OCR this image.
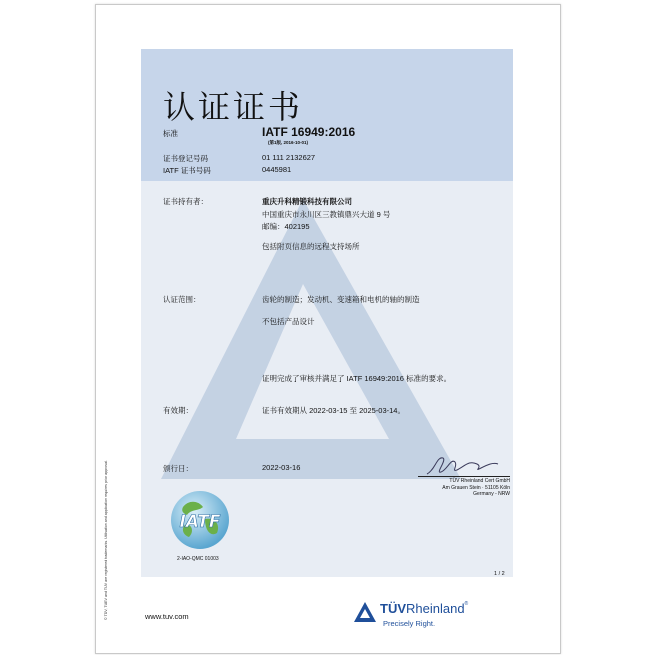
认证证书
标准	IATF 16949:2016
(第1版, 2016-10-01)
证书登记号码	01 111 2132627
IATF 证书号码	0445981
证书持有者：	重庆升科精锻科技有限公司
中国重庆市永川区三教镇鼎兴大道 9 号
邮编：402195
包括附页信息的远程支持场所
认证范围：	齿轮的制造；发动机、变速箱和电机的轴的制造
不包括产品设计
证明完成了审核并满足了 IATF 16949:2016 标准的要求。
有效期：	证书有效期从 2022-03-15 至 2025-03-14。
颁行日：	2022-03-16
TÜV Rheinland Cert GmbH
Am Grauen Stein · 51105 Köln
Germany - NRW
IATF
2-IAO-QMC 01003
1 / 2
© TÜV, TUEV and TUV are registered trademarks. Utilisation and application requires prior approval.	www.tuv.com
TÜVRheinland®
Precisely Right.
